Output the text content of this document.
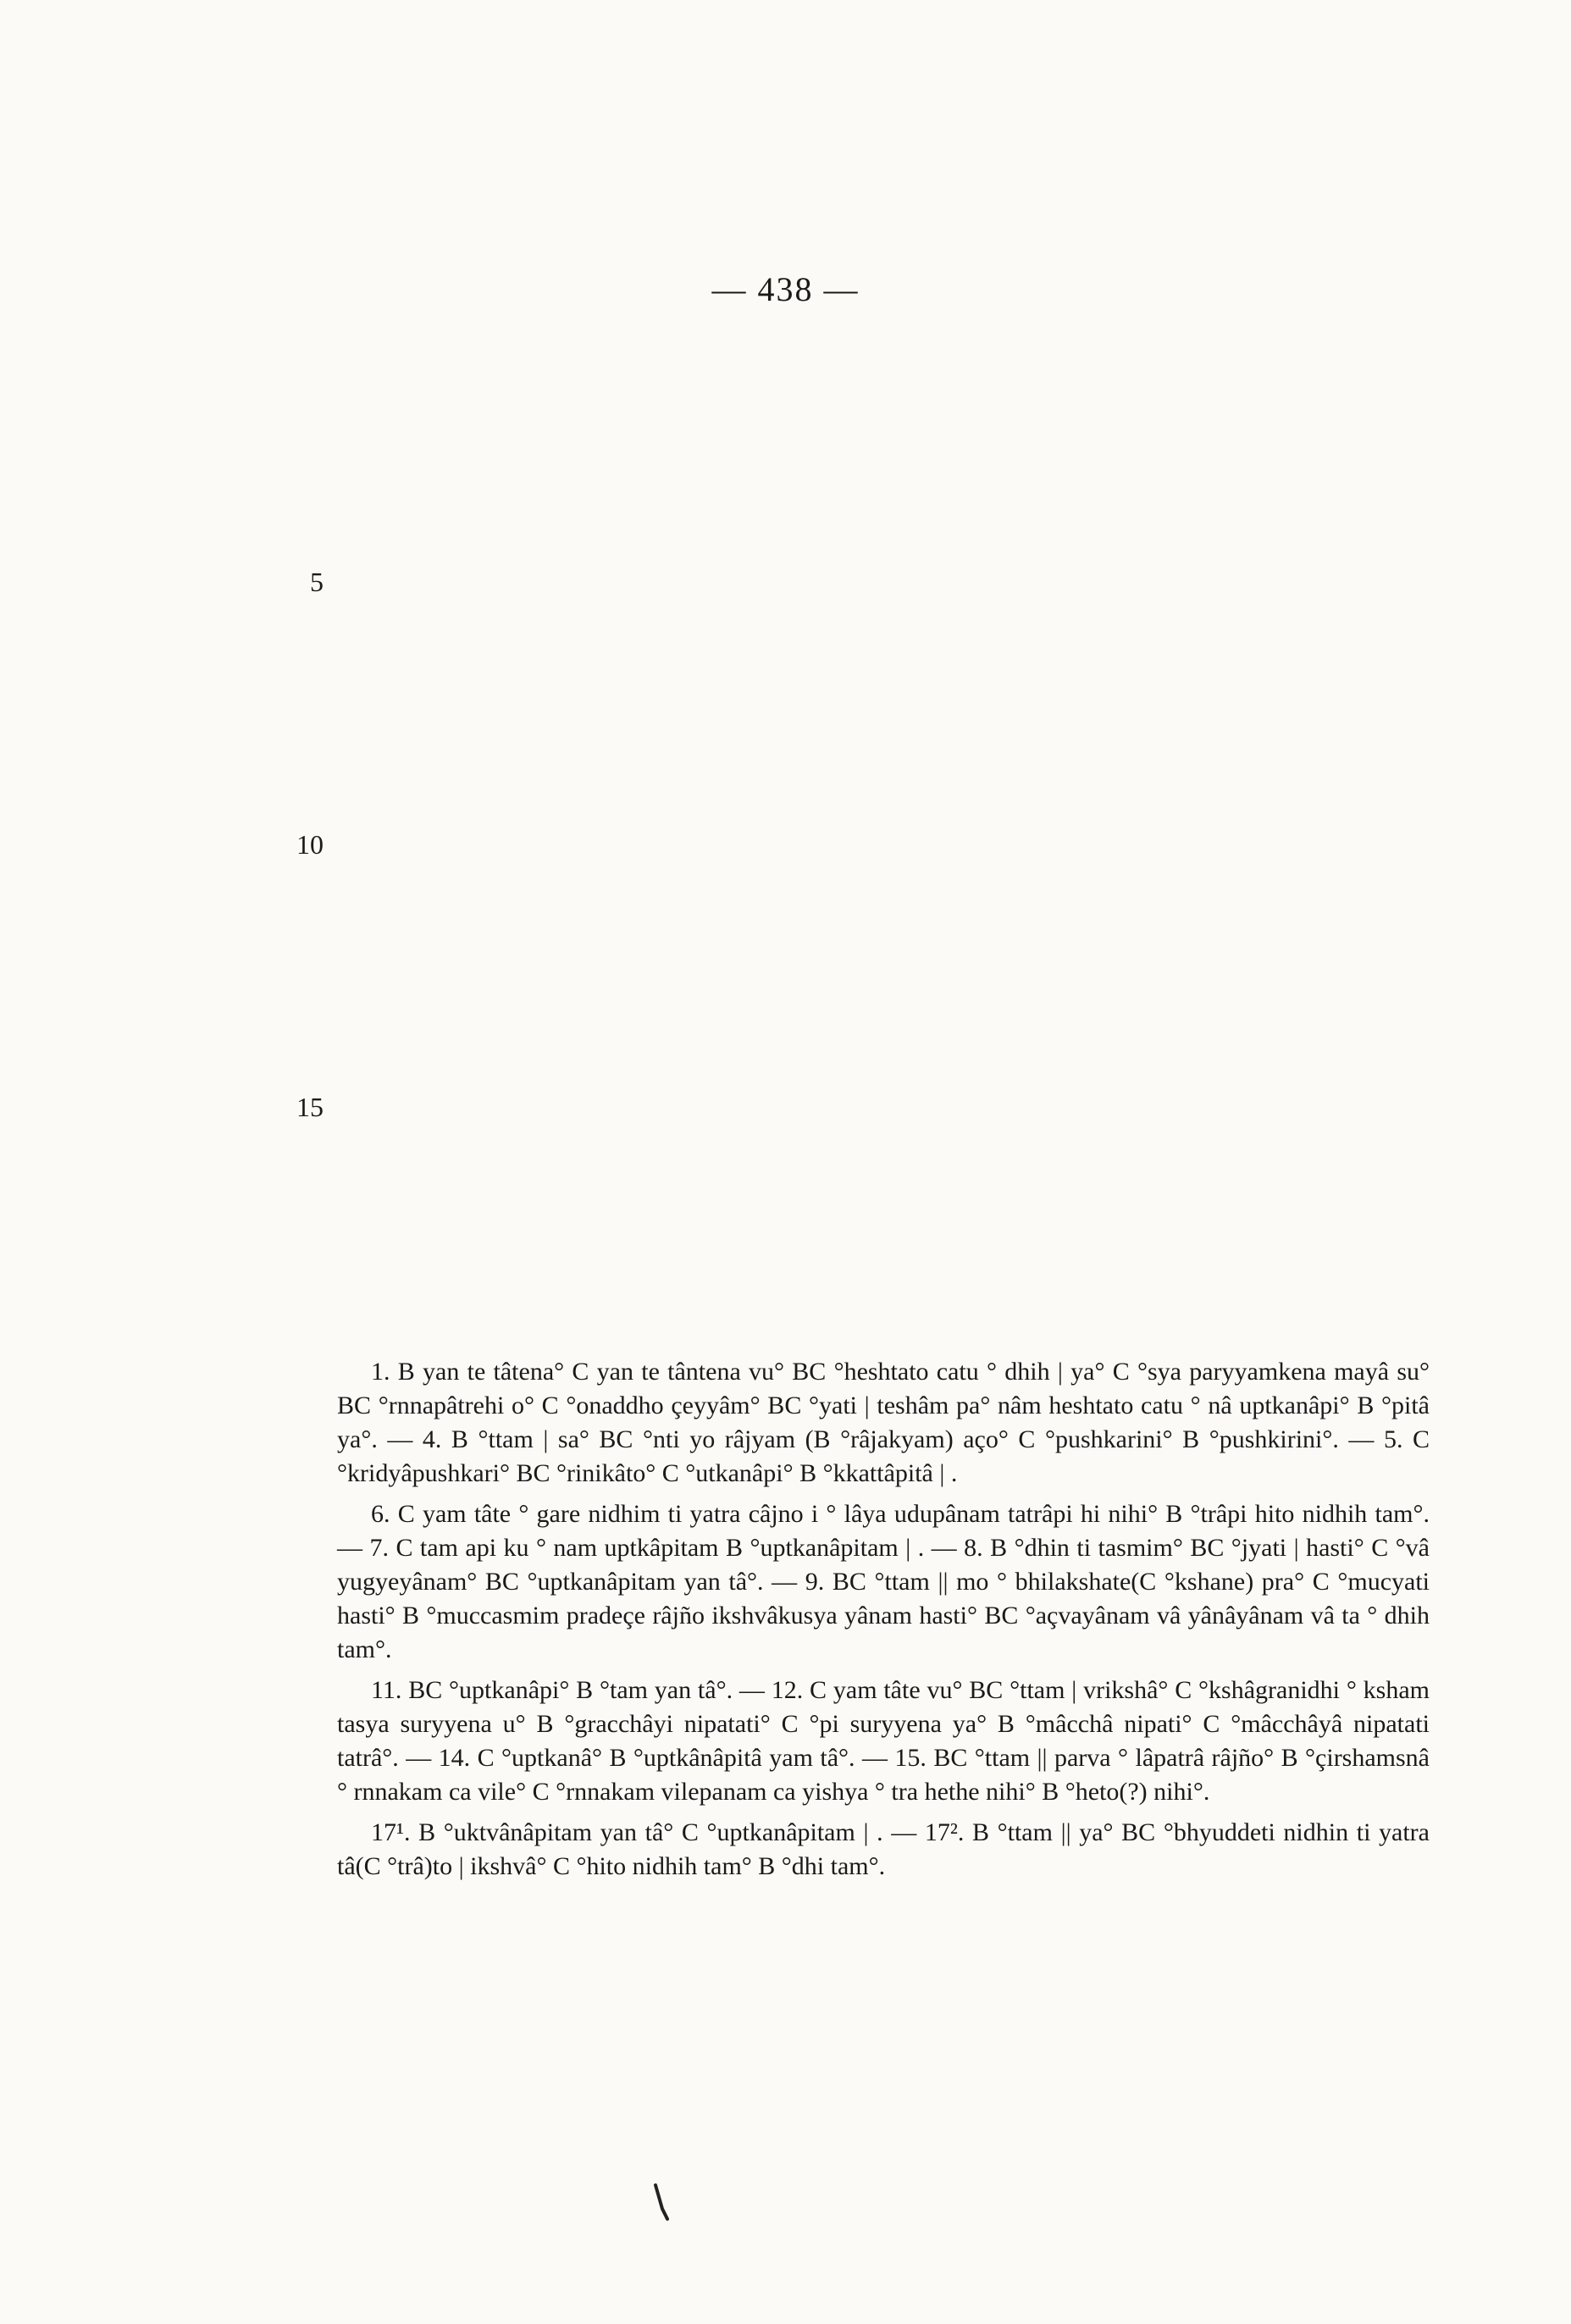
— 438 —
5
10
15

1. B yan te tâtena° C yan te tântena vu° BC °heshtato catu ° dhih | ya° C °sya paryyamkena mayâ su° BC °rnnapâtrehi o° C °onaddho çeyyâm° BC °yati | teshâm pa° nâm heshtato catu ° nâ uptkanâpi° B °pitâ ya°. — 4. B °ttam | sa° BC °nti yo râjyam (B °râjakyam) aço° C °pushkarini° B °pushkirini°. — 5. C °kridyâpushkari° BC °rinikâto° C °utkanâpi° B °kkattâpitâ | .

6. C yam tâte ° gare nidhim ti yatra câjno i ° lâya udupânam tatrâpi hi nihi° B °trâpi hito nidhih tam°. — 7. C tam api ku ° nam uptkâpitam B °uptkanâpitam | . — 8. B °dhin ti tasmim° BC °jyati | hasti° C °vâ yugyeyânam° BC °uptkanâpitam yan tâ°. — 9. BC °ttam || mo ° bhilakshate(C °kshane) pra° C °mucyati hasti° B °muccasmim pradeçe râjño ikshvâkusya yânam hasti° BC °açvayânam vâ yânâyânam vâ ta ° dhih tam°.

11. BC °uptkanâpi° B °tam yan tâ°. — 12. C yam tâte vu° BC °ttam | vrikshâ° C °kshâgranidhi ° ksham tasya suryyena u° B °gracchâyi nipatati° C °pi suryyena ya° B °mâcchâ nipati° C °mâcchâyâ nipatati tatrâ°. — 14. C °uptkanâ° B °uptkânâpitâ yam tâ°. — 15. BC °ttam || parva ° lâpatrâ râjño° B °çirshamsnâ ° rnnakam ca vile° C °rnnakam vilepanam ca yishya ° tra hethe nihi° B °heto(?) nihi°.

17¹. B °uktvânâpitam yan tâ° C °uptkanâpitam | . — 17². B °ttam || ya° BC °bhyuddeti nidhin ti yatra tâ(C °trâ)to | ikshvâ° C °hito nidhih tam° B °dhi tam°.
